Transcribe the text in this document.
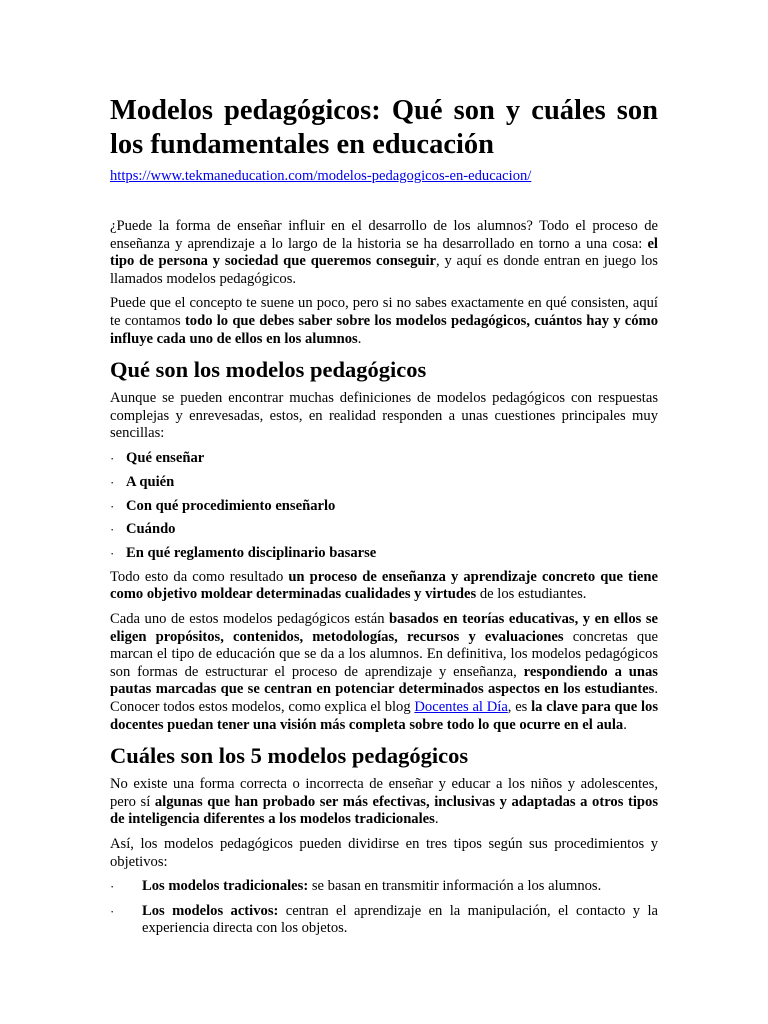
Modelos pedagógicos: Qué son y cuáles son los fundamentales en educación
https://www.tekmaneducation.com/modelos-pedagogicos-en-educacion/

¿Puede la forma de enseñar influir en el desarrollo de los alumnos? Todo el proceso de enseñanza y aprendizaje a lo largo de la historia se ha desarrollado en torno a una cosa: el tipo de persona y sociedad que queremos conseguir, y aquí es donde entran en juego los llamados modelos pedagógicos.

Puede que el concepto te suene un poco, pero si no sabes exactamente en qué consisten, aquí te contamos todo lo que debes saber sobre los modelos pedagógicos, cuántos hay y cómo influye cada uno de ellos en los alumnos.

Qué son los modelos pedagógicos

Aunque se pueden encontrar muchas definiciones de modelos pedagógicos con respuestas complejas y enrevesadas, estos, en realidad responden a unas cuestiones principales muy sencillas:

· Qué enseñar
· A quién
· Con qué procedimiento enseñarlo
· Cuándo
· En qué reglamento disciplinario basarse

Todo esto da como resultado un proceso de enseñanza y aprendizaje concreto que tiene como objetivo moldear determinadas cualidades y virtudes de los estudiantes.

Cada uno de estos modelos pedagógicos están basados en teorías educativas, y en ellos se eligen propósitos, contenidos, metodologías, recursos y evaluaciones concretas que marcan el tipo de educación que se da a los alumnos. En definitiva, los modelos pedagógicos son formas de estructurar el proceso de aprendizaje y enseñanza, respondiendo a unas pautas marcadas que se centran en potenciar determinados aspectos en los estudiantes. Conocer todos estos modelos, como explica el blog Docentes al Día, es la clave para que los docentes puedan tener una visión más completa sobre todo lo que ocurre en el aula.

Cuáles son los 5 modelos pedagógicos

No existe una forma correcta o incorrecta de enseñar y educar a los niños y adolescentes, pero sí algunas que han probado ser más efectivas, inclusivas y adaptadas a otros tipos de inteligencia diferentes a los modelos tradicionales.

Así, los modelos pedagógicos pueden dividirse en tres tipos según sus procedimientos y objetivos:

·	Los modelos tradicionales: se basan en transmitir información a los alumnos.
·	Los modelos activos: centran el aprendizaje en la manipulación, el contacto y la experiencia directa con los objetos.
